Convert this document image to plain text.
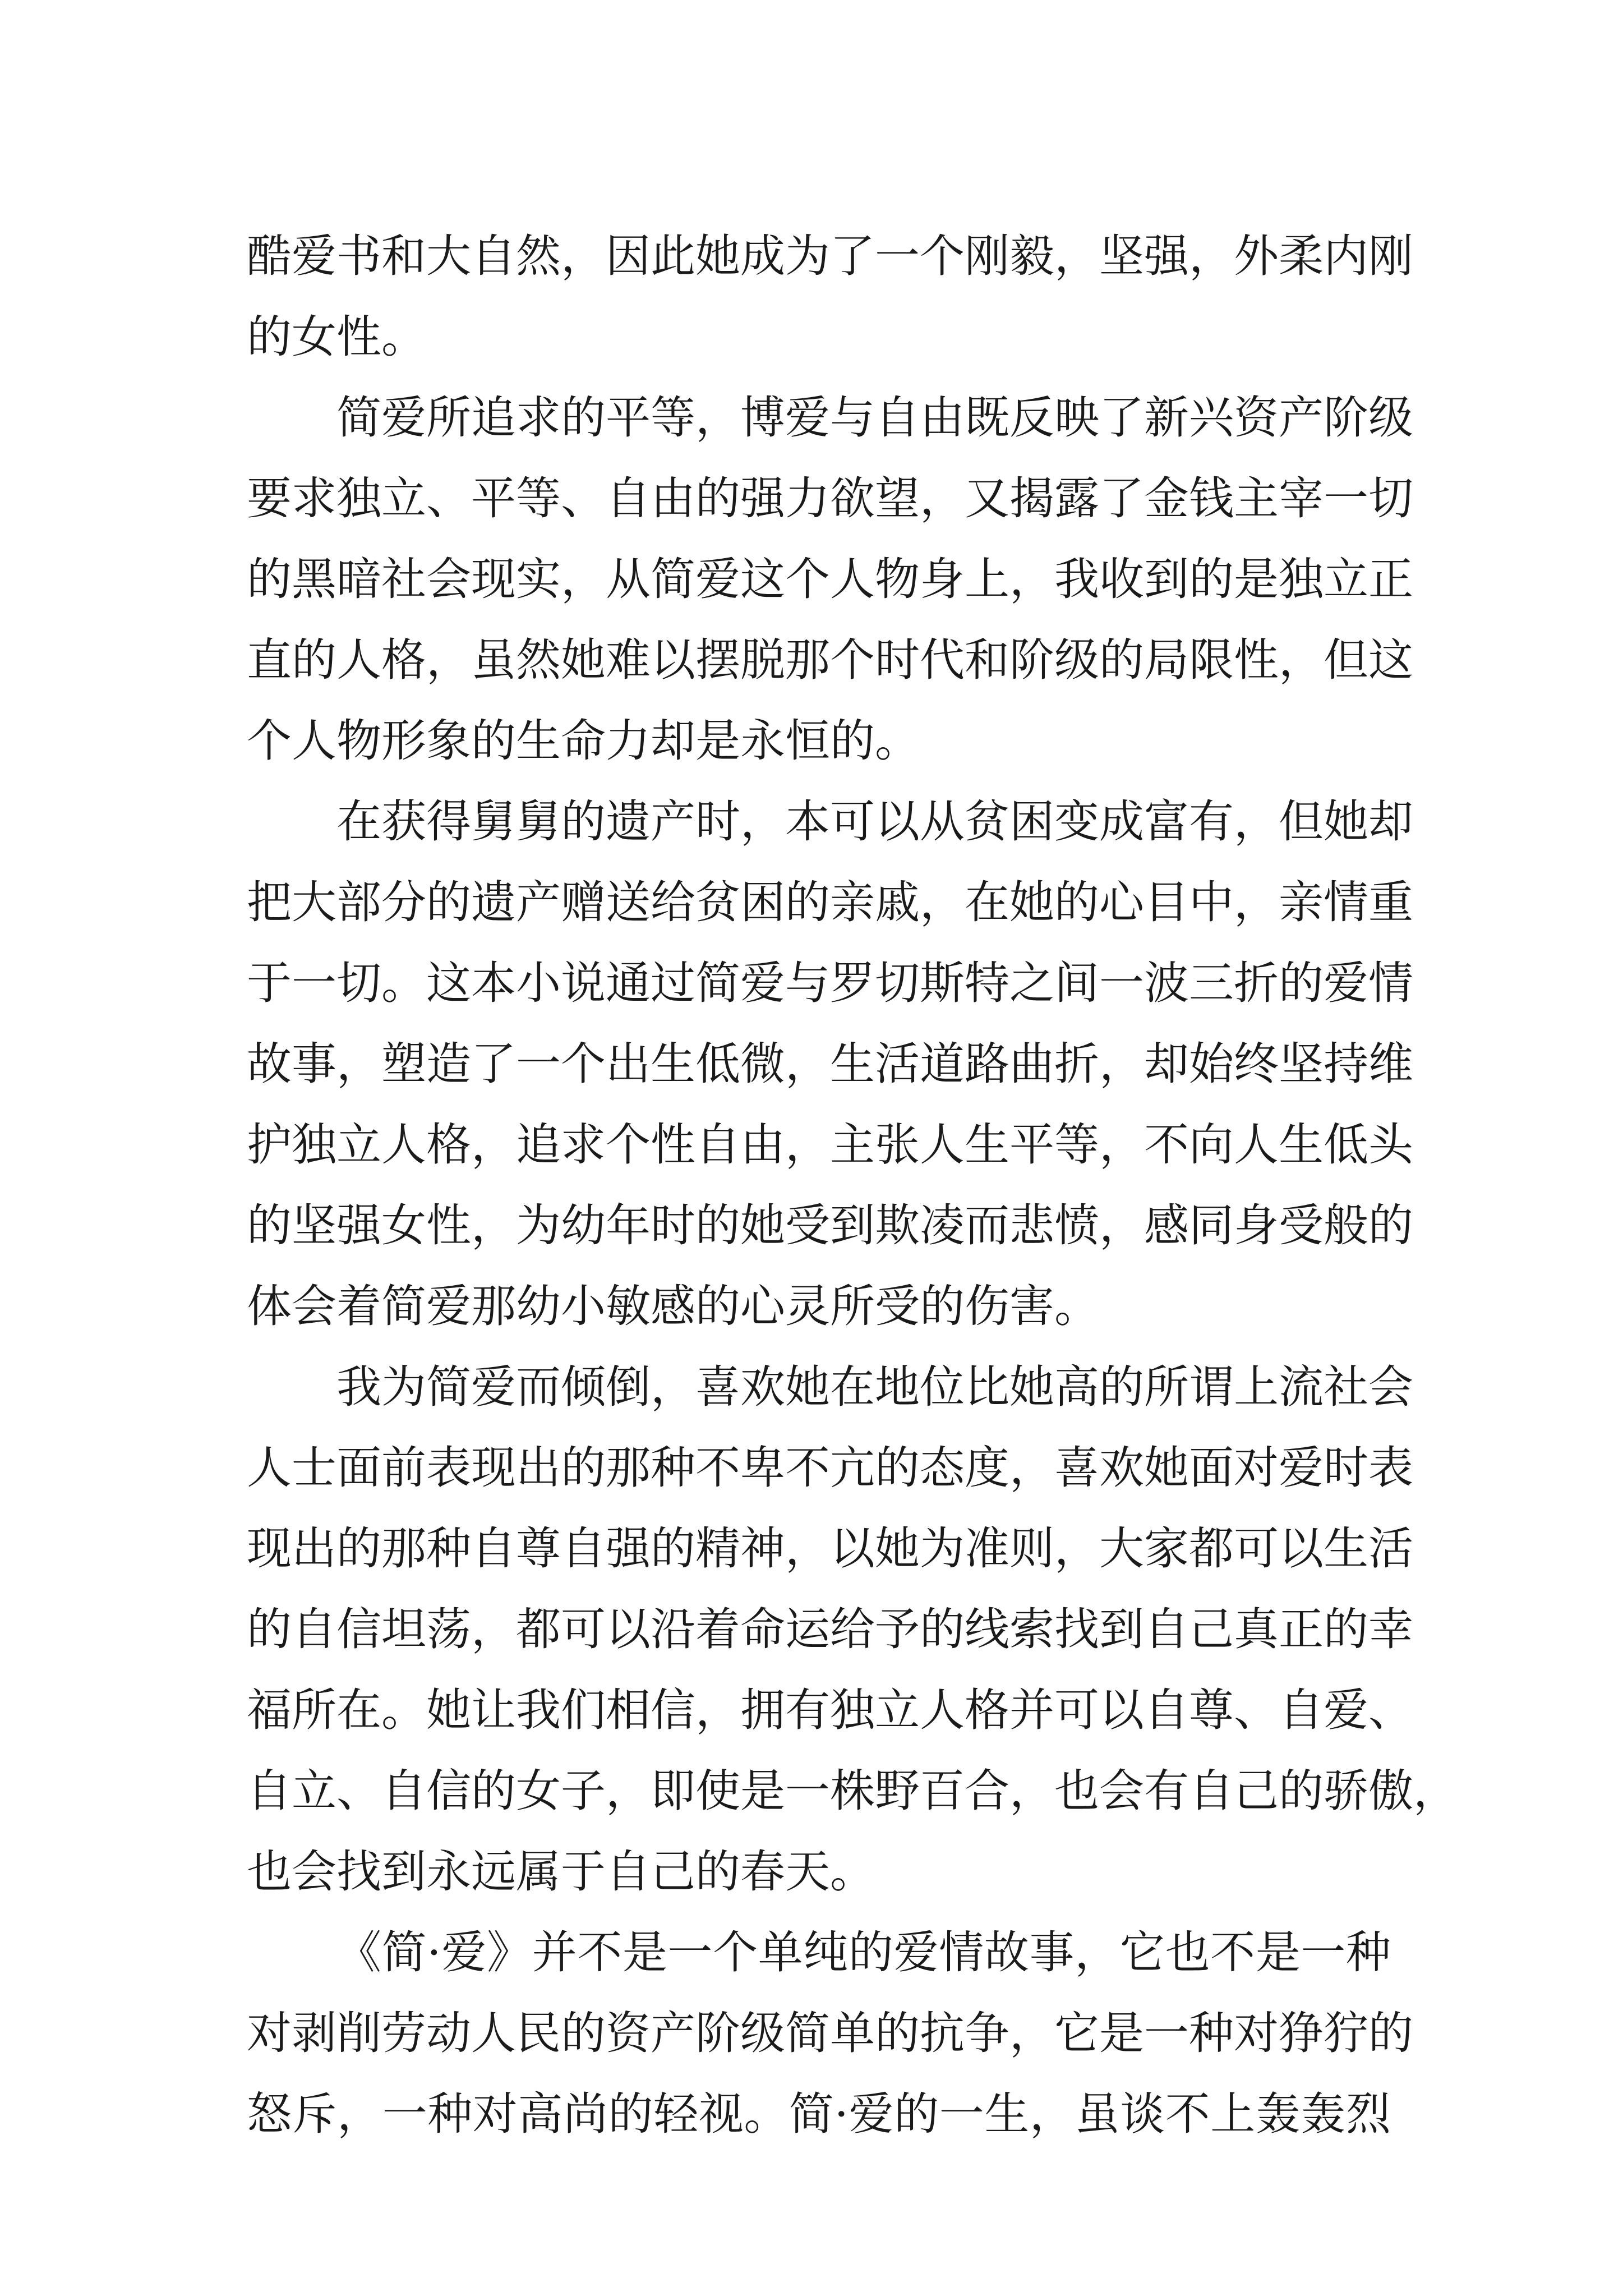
酷爱书和大自然，因此她成为了一个刚毅，坚强，外柔内刚
的女性。
简爱所追求的平等，博爱与自由既反映了新兴资产阶级
要求独立、平等、自由的强力欲望，又揭露了金钱主宰一切
的黑暗社会现实，从简爱这个人物身上，我收到的是独立正
直的人格，虽然她难以摆脱那个时代和阶级的局限性，但这
个人物形象的生命力却是永恒的。
在获得舅舅的遗产时，本可以从贫困变成富有，但她却
把大部分的遗产赠送给贫困的亲戚，在她的心目中，亲情重
于一切。这本小说通过简爱与罗切斯特之间一波三折的爱情
故事，塑造了一个出生低微，生活道路曲折，却始终坚持维
护独立人格，追求个性自由，主张人生平等，不向人生低头
的坚强女性，为幼年时的她受到欺凌而悲愤，感同身受般的
体会着简爱那幼小敏感的心灵所受的伤害。
我为简爱而倾倒，喜欢她在地位比她高的所谓上流社会
人士面前表现出的那种不卑不亢的态度，喜欢她面对爱时表
现出的那种自尊自强的精神，以她为准则，大家都可以生活
的自信坦荡，都可以沿着命运给予的线索找到自己真正的幸
福所在。她让我们相信，拥有独立人格并可以自尊、自爱、
自立、自信的女子，即使是一株野百合，也会有自己的骄傲，
也会找到永远属于自己的春天。
《简·爱》并不是一个单纯的爱情故事，它也不是一种
对剥削劳动人民的资产阶级简单的抗争，它是一种对狰狞的
怒斥，一种对高尚的轻视。简·爱的一生，虽谈不上轰轰烈
